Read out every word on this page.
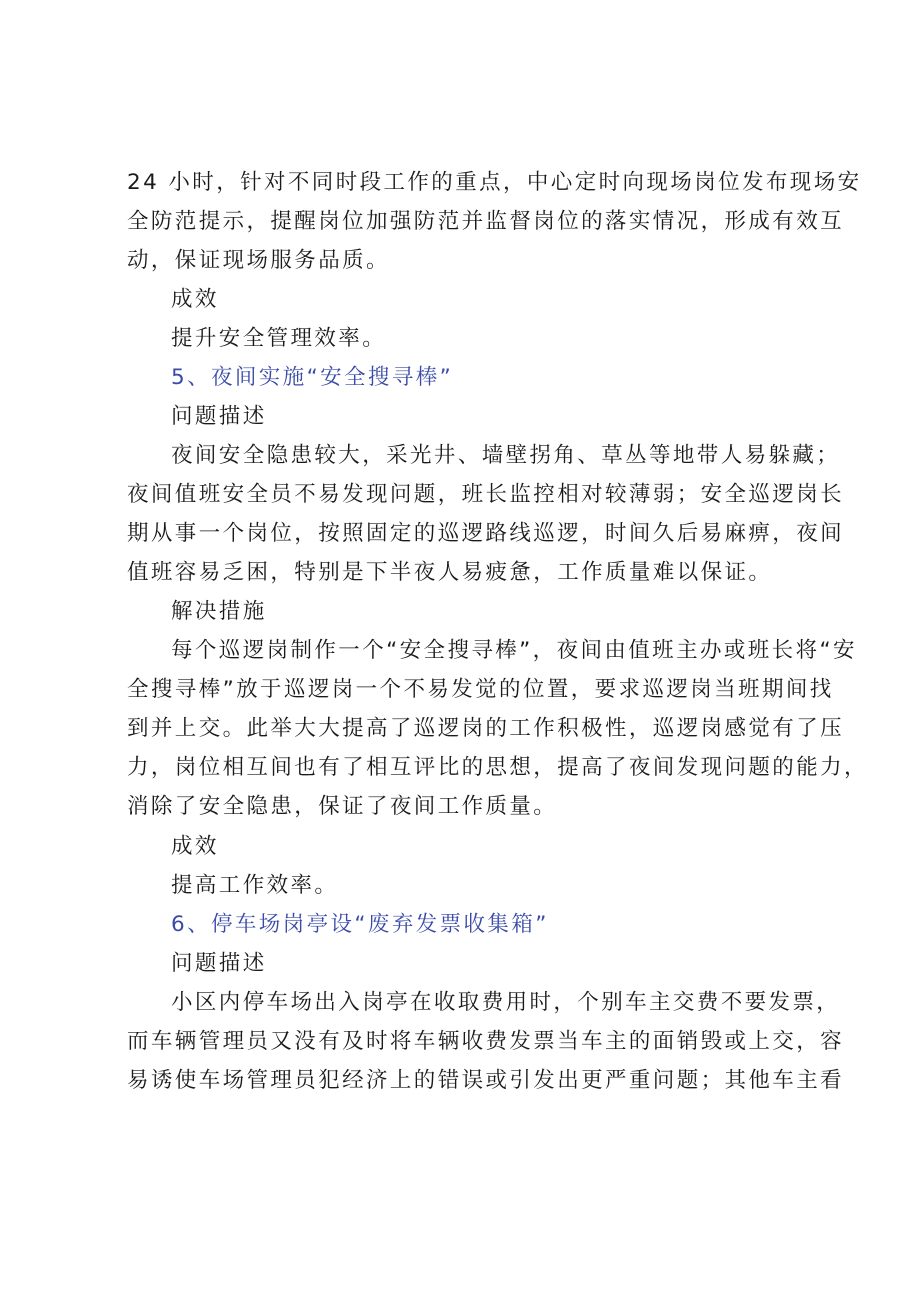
24 小时，针对不同时段工作的重点，中心定时向现场岗位发布现场安

全防范提示，提醒岗位加强防范并监督岗位的落实情况，形成有效互

动，保证现场服务品质。

成效

提升安全管理效率。

5、夜间实施“安全搜寻棒”

问题描述

夜间安全隐患较大，采光井、墙壁拐角、草丛等地带人易躲藏；

夜间值班安全员不易发现问题，班长监控相对较薄弱；安全巡逻岗长

期从事一个岗位，按照固定的巡逻路线巡逻，时间久后易麻痹，夜间

值班容易乏困，特别是下半夜人易疲惫，工作质量难以保证。

解决措施

每个巡逻岗制作一个“安全搜寻棒”，夜间由值班主办或班长将“安

全搜寻棒”放于巡逻岗一个不易发觉的位置，要求巡逻岗当班期间找

到并上交。此举大大提高了巡逻岗的工作积极性，巡逻岗感觉有了压

力，岗位相互间也有了相互评比的思想，提高了夜间发现问题的能力，

消除了安全隐患，保证了夜间工作质量。

成效

提高工作效率。

6、停车场岗亭设“废弃发票收集箱”

问题描述

小区内停车场出入岗亭在收取费用时，个别车主交费不要发票，

而车辆管理员又没有及时将车辆收费发票当车主的面销毁或上交，容

易诱使车场管理员犯经济上的错误或引发出更严重问题；其他车主看
